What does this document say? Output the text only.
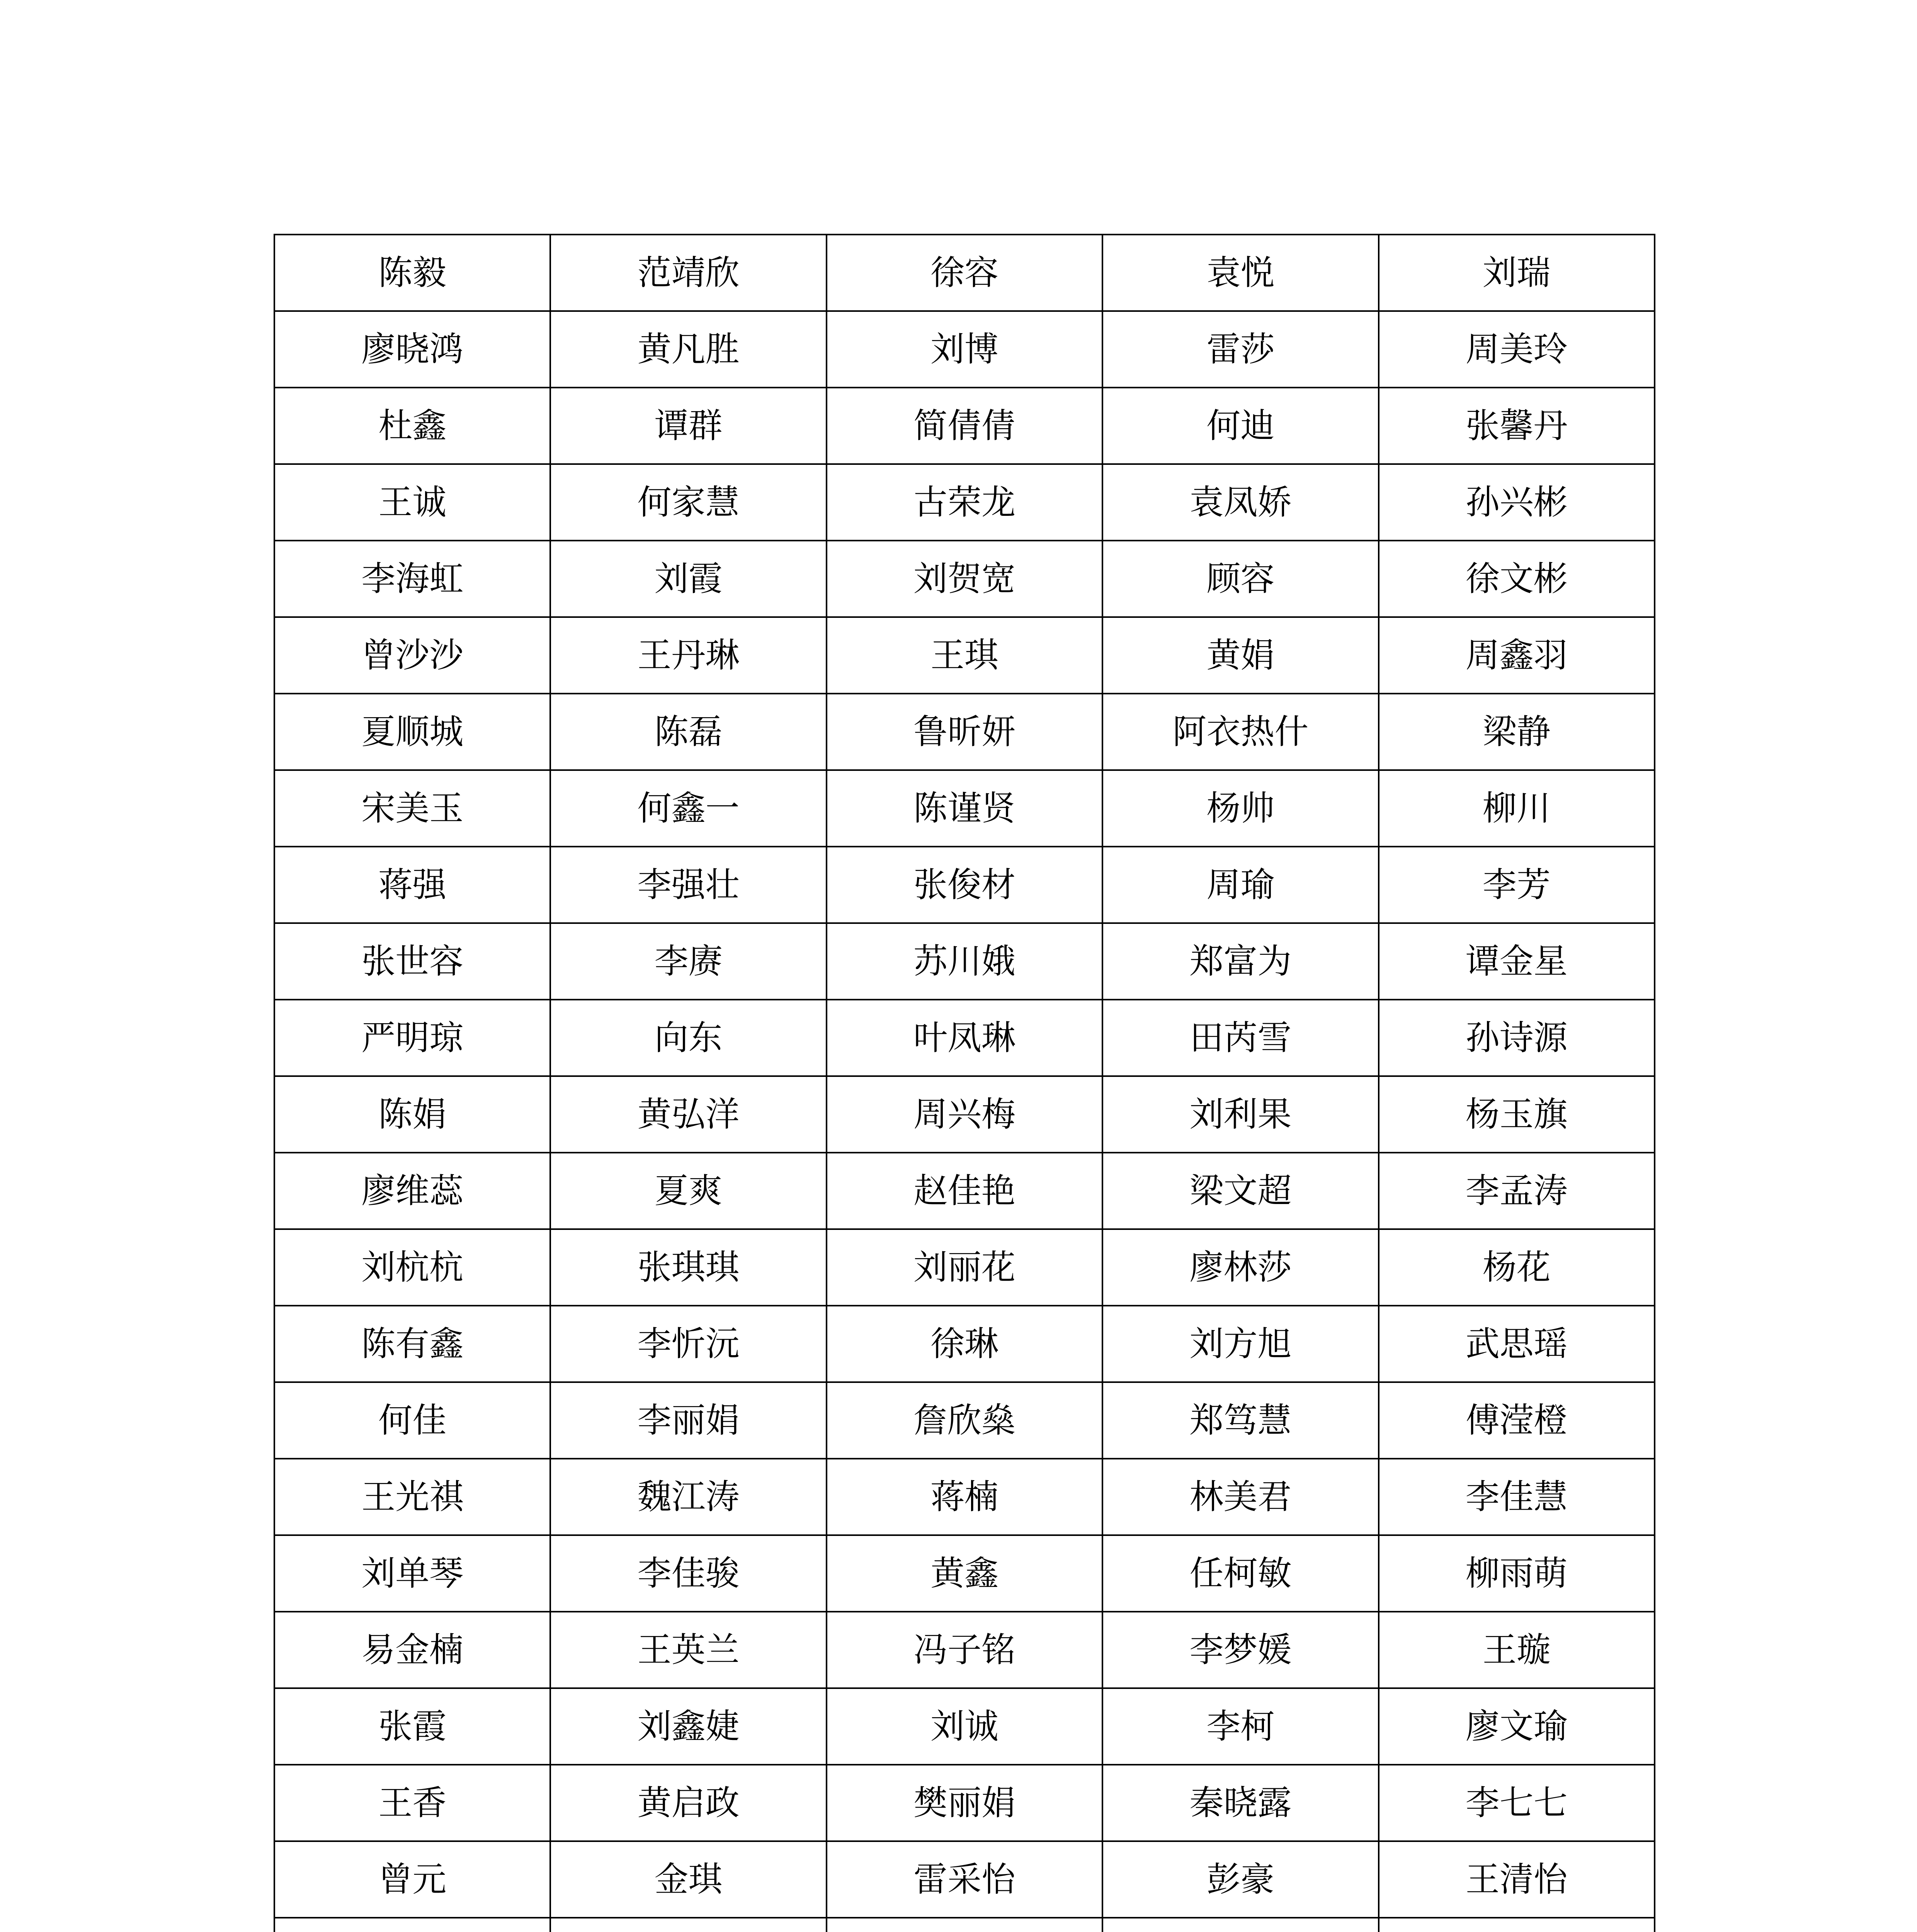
陈毅	范靖欣	徐容	袁悦	刘瑞
廖晓鸿	黄凡胜	刘博	雷莎	周美玲
杜鑫	谭群	简倩倩	何迪	张馨丹
王诚	何家慧	古荣龙	袁凤娇	孙兴彬
李海虹	刘霞	刘贺宽	顾容	徐文彬
曾沙沙	王丹琳	王琪	黄娟	周鑫羽
夏顺城	陈磊	鲁昕妍	阿衣热什	梁静
宋美玉	何鑫一	陈谨贤	杨帅	柳川
蒋强	李强壮	张俊材	周瑜	李芳
张世容	李赓	苏川娥	郑富为	谭金星
严明琼	向东	叶凤琳	田芮雪	孙诗源
陈娟	黄弘洋	周兴梅	刘利果	杨玉旗
廖维蕊	夏爽	赵佳艳	梁文超	李孟涛
刘杭杭	张琪琪	刘丽花	廖林莎	杨花
陈有鑫	李忻沅	徐琳	刘方旭	武思瑶
何佳	李丽娟	詹欣燊	郑笃慧	傅滢橙
王光祺	魏江涛	蒋楠	林美君	李佳慧
刘单琴	李佳骏	黄鑫	任柯敏	柳雨萌
易金楠	王英兰	冯子铭	李梦媛	王璇
张霞	刘鑫婕	刘诚	李柯	廖文瑜
王香	黄启政	樊丽娟	秦晓露	李七七
曾元	金琪	雷采怡	彭豪	王清怡
